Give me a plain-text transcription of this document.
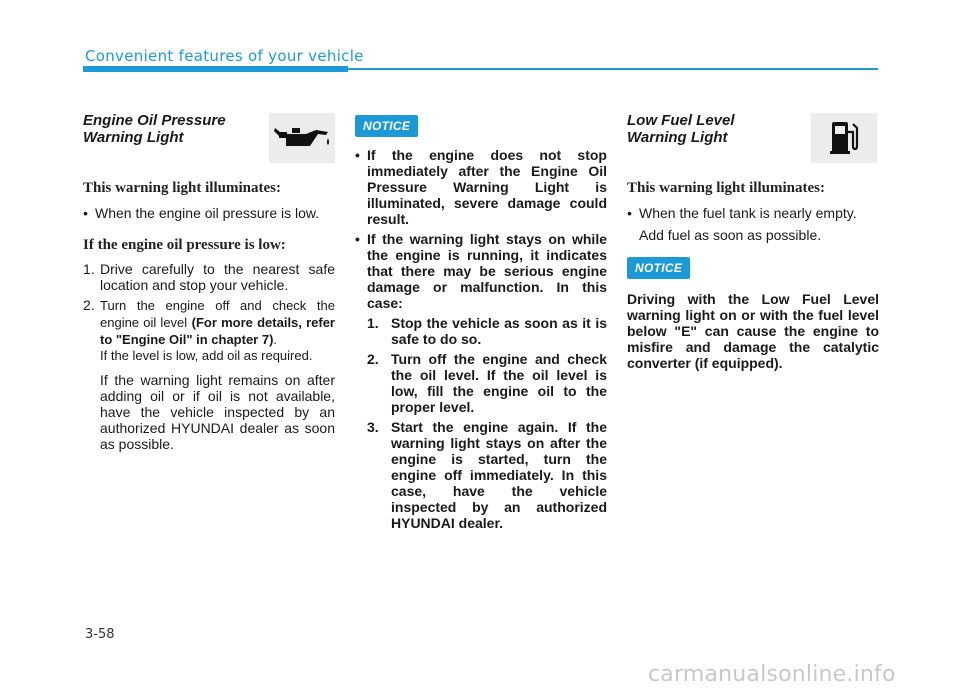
Convenient features of your vehicle
Engine Oil Pressure Warning Light
This warning light illuminates:
• When the engine oil pressure is low.
If the engine oil pressure is low:
1. Drive carefully to the nearest safe location and stop your vehicle.
2. Turn the engine off and check the engine oil level (For more details, refer to "Engine Oil" in chapter 7).
If the level is low, add oil as required.
If the warning light remains on after adding oil or if oil is not available, have the vehicle inspected by an authorized HYUNDAI dealer as soon as possible.
NOTICE
• If the engine does not stop immediately after the Engine Oil Pressure Warning Light is illuminated, severe damage could result.
• If the warning light stays on while the engine is running, it indicates that there may be serious engine damage or malfunction. In this case:
1. Stop the vehicle as soon as it is safe to do so.
2. Turn off the engine and check the oil level. If the oil level is low, fill the engine oil to the proper level.
3. Start the engine again. If the warning light stays on after the engine is started, turn the engine off immediately. In this case, have the vehicle inspected by an authorized HYUNDAI dealer.
Low Fuel Level Warning Light
This warning light illuminates:
• When the fuel tank is nearly empty.
Add fuel as soon as possible.
NOTICE
Driving with the Low Fuel Level warning light on or with the fuel level below "E" can cause the engine to misfire and damage the catalytic converter (if equipped).
3-58
carmanualsonline.info
